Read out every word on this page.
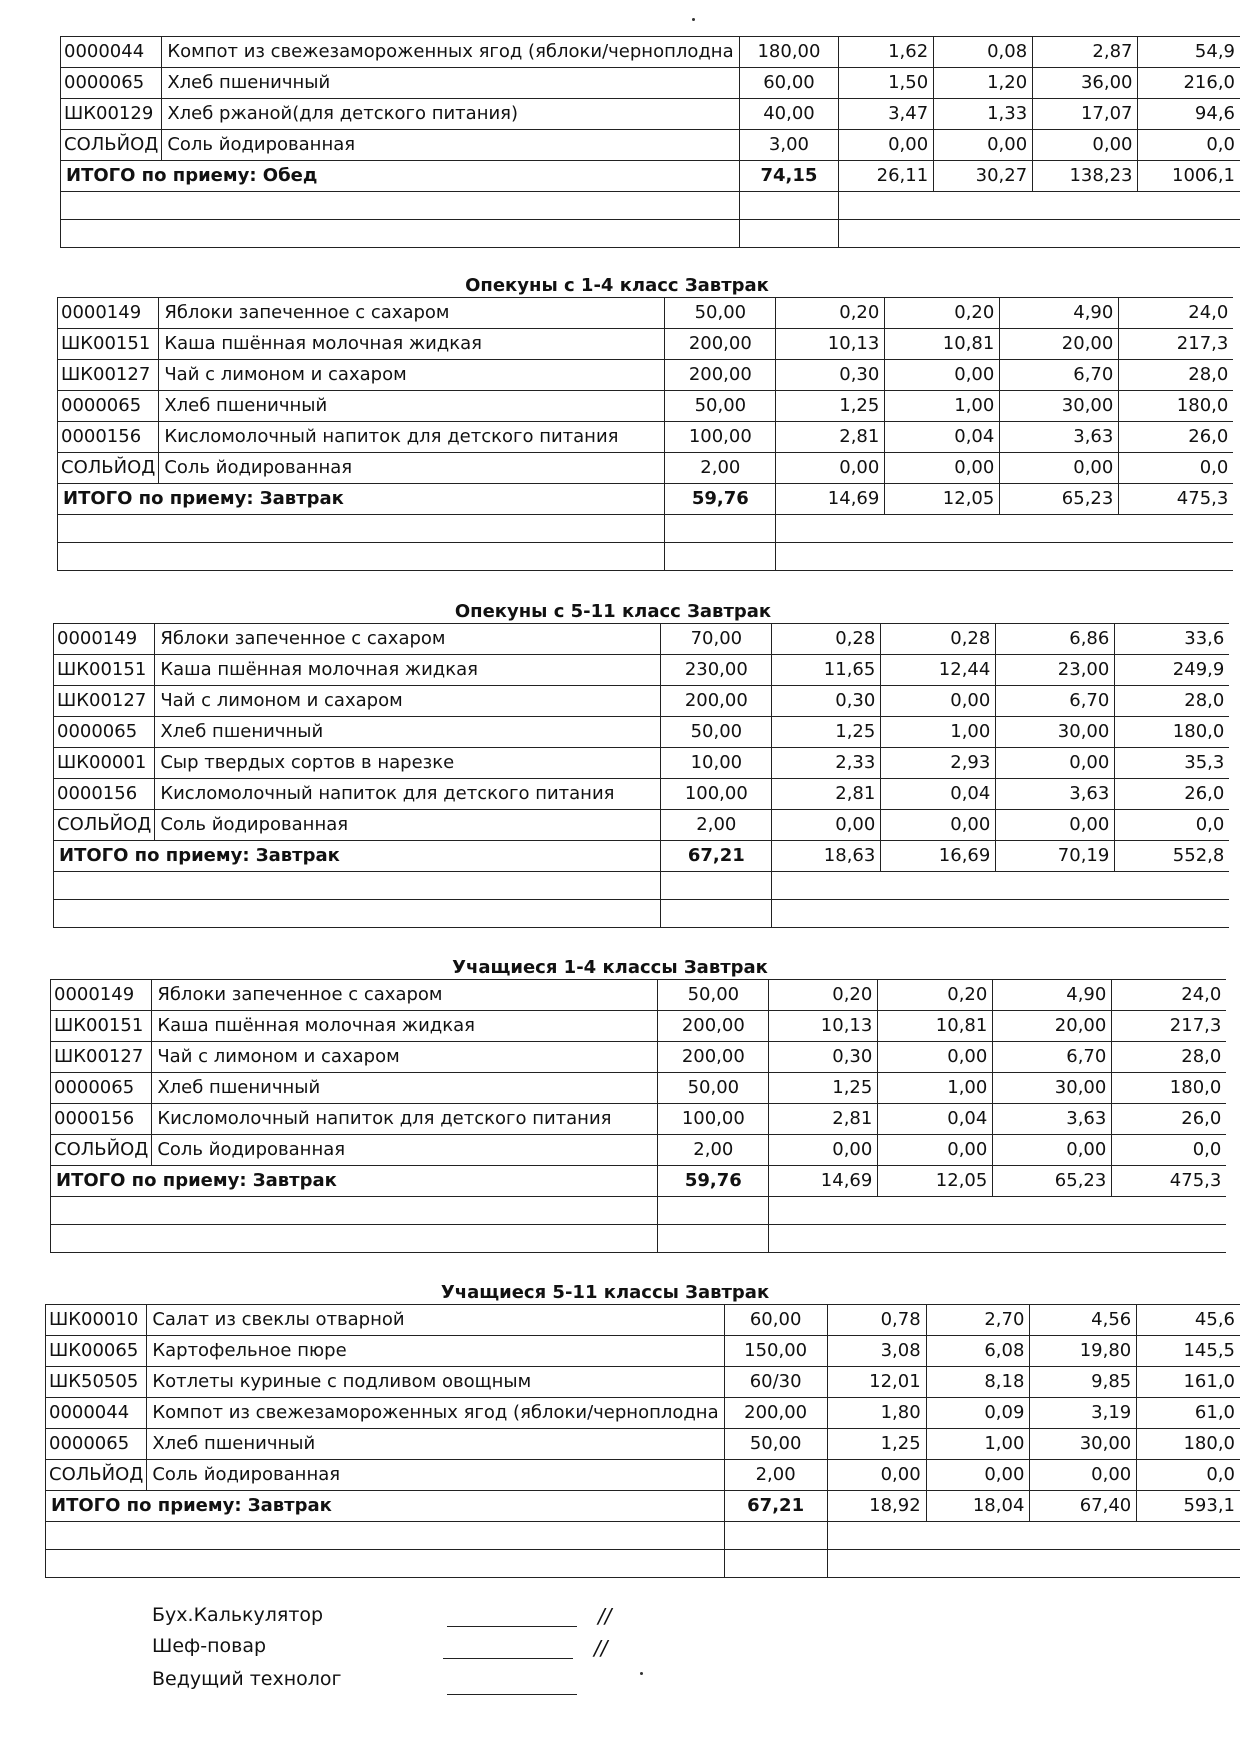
0000044	Компот из свежезамороженных ягод (яблоки/черноплодна	180,00	1,62	0,08	2,87	54,9
0000065	Хлеб пшеничный	60,00	1,50	1,20	36,00	216,0
ШК00129	Хлеб ржаной(для детского питания)	40,00	3,47	1,33	17,07	94,6
СОЛЬЙОД	Соль йодированная	3,00	0,00	0,00	0,00	0,0
ИТОГО по приему: Обед		74,15	26,11	30,27	138,23	1006,1

Опекуны с 1-4 класс Завтрак
0000149	Яблоки запеченное с сахаром	50,00	0,20	0,20	4,90	24,0
ШК00151	Каша пшённая молочная жидкая	200,00	10,13	10,81	20,00	217,3
ШК00127	Чай с лимоном и сахаром	200,00	0,30	0,00	6,70	28,0
0000065	Хлеб пшеничный	50,00	1,25	1,00	30,00	180,0
0000156	Кисломолочный напиток для детского питания	100,00	2,81	0,04	3,63	26,0
СОЛЬЙОД	Соль йодированная	2,00	0,00	0,00	0,00	0,0
ИТОГО по приему: Завтрак		59,76	14,69	12,05	65,23	475,3

Опекуны с 5-11 класс Завтрак
0000149	Яблоки запеченное с сахаром	70,00	0,28	0,28	6,86	33,6
ШК00151	Каша пшённая молочная жидкая	230,00	11,65	12,44	23,00	249,9
ШК00127	Чай с лимоном и сахаром	200,00	0,30	0,00	6,70	28,0
0000065	Хлеб пшеничный	50,00	1,25	1,00	30,00	180,0
ШК00001	Сыр твердых сортов в нарезке	10,00	2,33	2,93	0,00	35,3
0000156	Кисломолочный напиток для детского питания	100,00	2,81	0,04	3,63	26,0
СОЛЬЙОД	Соль йодированная	2,00	0,00	0,00	0,00	0,0
ИТОГО по приему: Завтрак		67,21	18,63	16,69	70,19	552,8

Учащиеся 1-4 классы Завтрак
0000149	Яблоки запеченное с сахаром	50,00	0,20	0,20	4,90	24,0
ШК00151	Каша пшённая молочная жидкая	200,00	10,13	10,81	20,00	217,3
ШК00127	Чай с лимоном и сахаром	200,00	0,30	0,00	6,70	28,0
0000065	Хлеб пшеничный	50,00	1,25	1,00	30,00	180,0
0000156	Кисломолочный напиток для детского питания	100,00	2,81	0,04	3,63	26,0
СОЛЬЙОД	Соль йодированная	2,00	0,00	0,00	0,00	0,0
ИТОГО по приему: Завтрак		59,76	14,69	12,05	65,23	475,3

Учащиеся 5-11 классы Завтрак
ШК00010	Салат из свеклы отварной	60,00	0,78	2,70	4,56	45,6
ШК00065	Картофельное пюре	150,00	3,08	6,08	19,80	145,5
ШК50505	Котлеты куриные с подливом овощным	60/30	12,01	8,18	9,85	161,0
0000044	Компот из свежезамороженных ягод (яблоки/черноплодна	200,00	1,80	0,09	3,19	61,0
0000065	Хлеб пшеничный	50,00	1,25	1,00	30,00	180,0
СОЛЬЙОД	Соль йодированная	2,00	0,00	0,00	0,00	0,0
ИТОГО по приему: Завтрак		67,21	18,92	18,04	67,40	593,1

Бух.Калькулятор	//
Шеф-повар	//
Ведущий технолог
